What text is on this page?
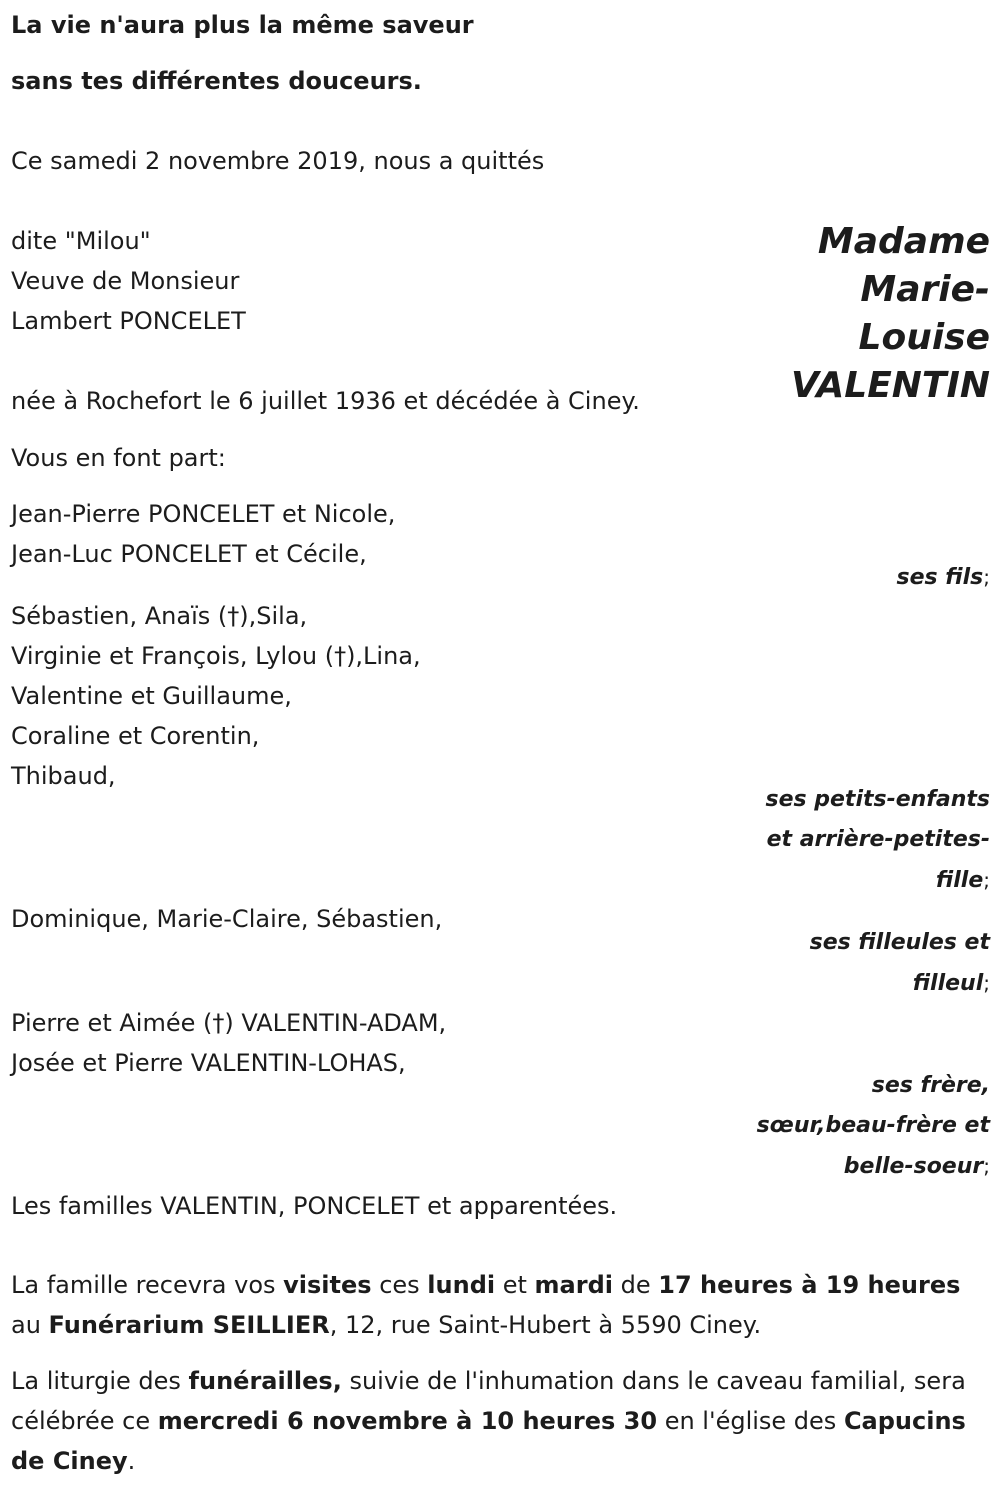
La vie n'aura plus la même saveur
sans tes différentes douceurs.
Ce samedi 2 novembre 2019, nous a quittés
Madame
Marie-
Louise
VALENTIN
dite "Milou"
Veuve de Monsieur
Lambert PONCELET
née à Rochefort le 6 juillet 1936 et décédée à Ciney.
Vous en font part:
Jean-Pierre PONCELET et Nicole,
Jean-Luc PONCELET et Cécile,
ses fils;
Sébastien, Anaïs (†),Sila,
Virginie et François, Lylou (†),Lina,
Valentine et Guillaume,
Coraline et Corentin,
Thibaud,
ses petits-enfants
et arrière-petites-
fille;
Dominique, Marie-Claire, Sébastien,
ses filleules et
filleul;
Pierre et Aimée (†) VALENTIN-ADAM,
Josée et Pierre VALENTIN-LOHAS,
ses frère,
sœur,beau-frère et
belle-soeur;
Les familles VALENTIN, PONCELET et apparentées.
La famille recevra vos visites ces lundi et mardi de 17 heures à 19 heures au Funérarium SEILLIER, 12, rue Saint-Hubert à 5590 Ciney.
La liturgie des funérailles, suivie de l'inhumation dans le caveau familial, sera célébrée ce mercredi 6 novembre à 10 heures 30 en l'église des Capucins de Ciney.
